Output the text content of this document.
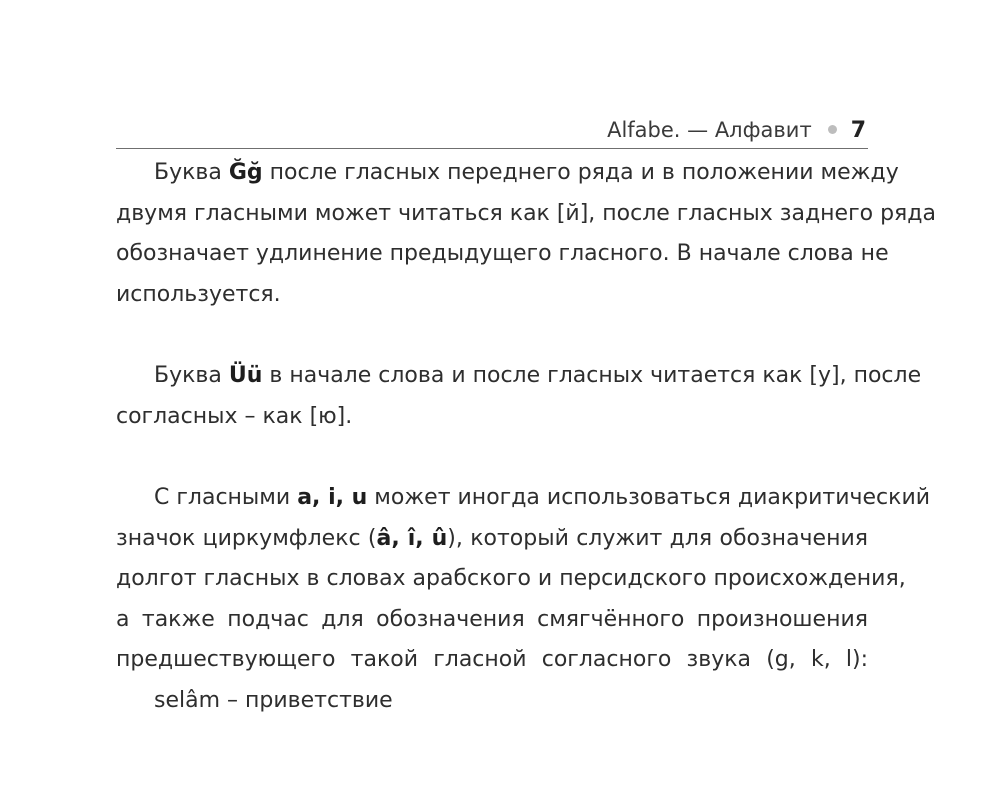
Alfabe. — Алфавит 7
Буква Ğğ после гласных переднего ряда и в положении между
двумя гласными может читаться как [й], после гласных заднего ряда
обозначает удлинение предыдущего гласного. В начале слова не
используется.
Буква Üü в начале слова и после гласных читается как [у], после
согласных – как [ю].
С гласными a, i, u может иногда использоваться диакритический
значок циркумфлекс (â, î, û), который служит для обозначения
долгот гласных в словах арабского и персидского происхождения,
а также подчас для обозначения смягчённого произношения
предшествующего такой гласной согласного звука (g, k, l):

selâm – приветствие
